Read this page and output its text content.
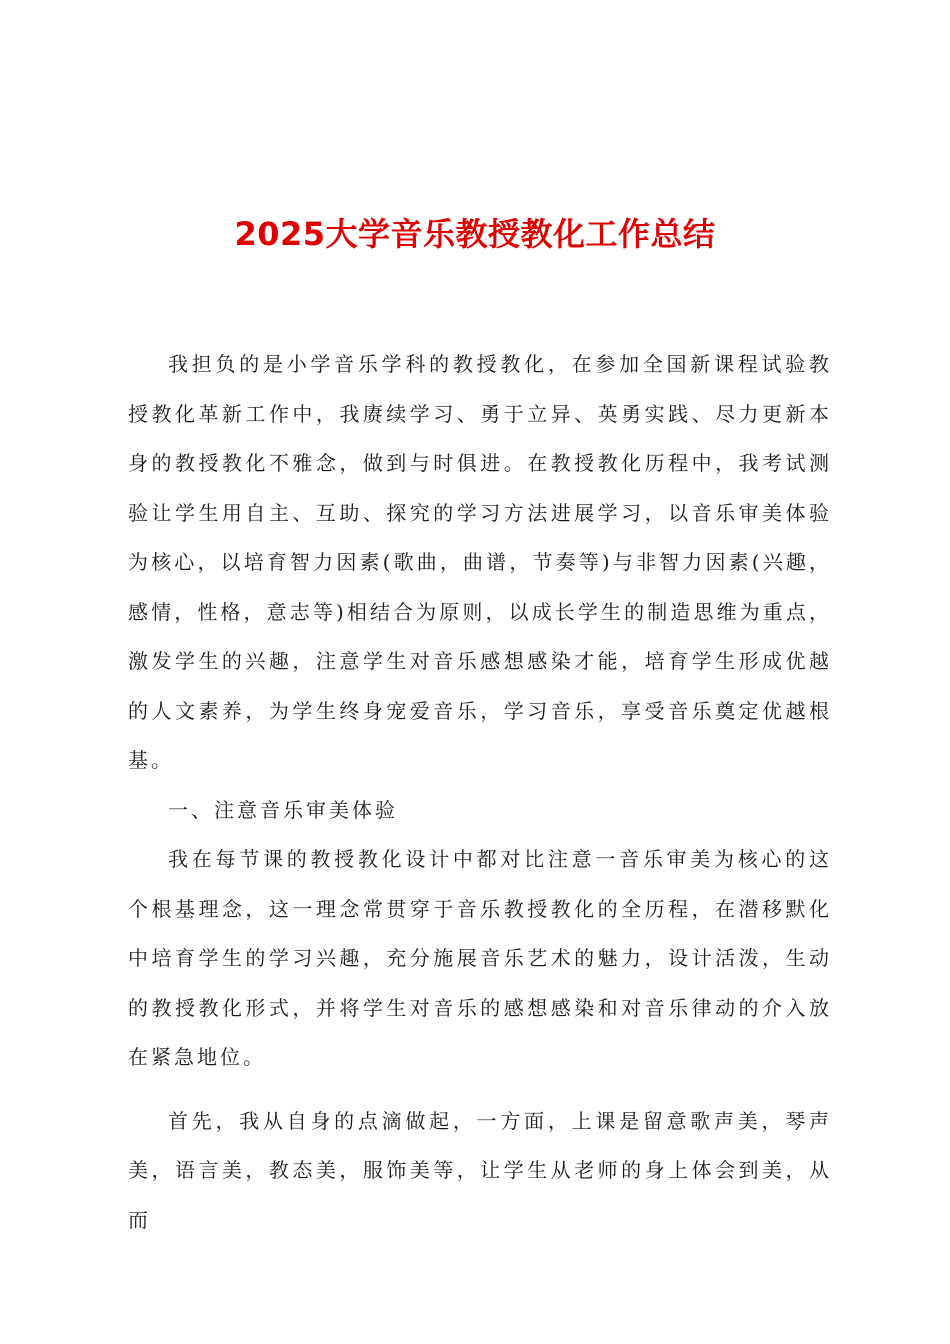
2025大学音乐教授教化工作总结

我担负的是小学音乐学科的教授教化，在参加全国新课程试验教授教化革新工作中，我赓续学习、勇于立异、英勇实践、尽力更新本身的教授教化不雅念，做到与时俱进。在教授教化历程中，我考试测验让学生用自主、互助、探究的学习方法进展学习，以音乐审美体验为核心，以培育智力因素(歌曲，曲谱，节奏等)与非智力因素(兴趣，感情，性格，意志等)相结合为原则，以成长学生的制造思维为重点，激发学生的兴趣，注意学生对音乐感想感染才能，培育学生形成优越的人文素养，为学生终身宠爱音乐，学习音乐，享受音乐奠定优越根基。

一、注意音乐审美体验

我在每节课的教授教化设计中都对比注意一音乐审美为核心的这个根基理念，这一理念常贯穿于音乐教授教化的全历程，在潜移默化中培育学生的学习兴趣，充分施展音乐艺术的魅力，设计活泼，生动的教授教化形式，并将学生对音乐的感想感染和对音乐律动的介入放在紧急地位。

首先，我从自身的点滴做起，一方面，上课是留意歌声美，琴声美，语言美，教态美，服饰美等，让学生从老师的身上体会到美，从而
